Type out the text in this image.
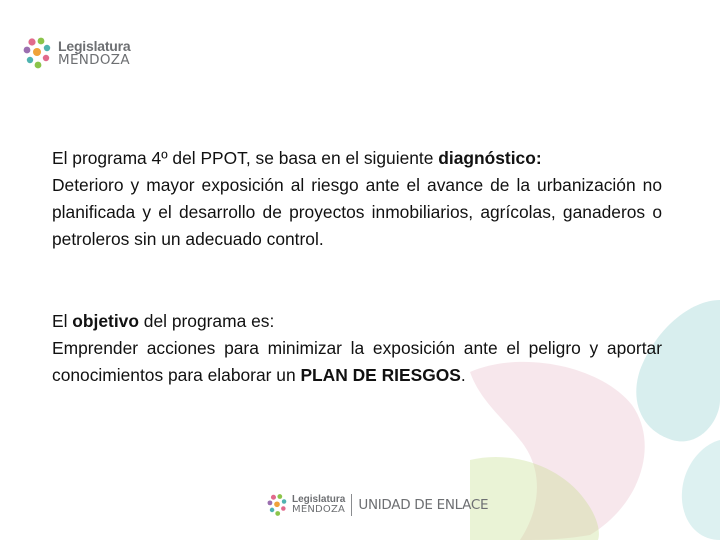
Legislatura
MENDOZA

El programa 4º del PPOT, se basa en el siguiente diagnóstico:

Deterioro y mayor exposición al riesgo ante el avance de la urbanización no planificada y el desarrollo de proyectos inmobiliarios, agrícolas, ganaderos o petroleros sin un adecuado control.

El objetivo del programa es:

Emprender acciones para minimizar la exposición ante el peligro y aportar conocimientos para elaborar un PLAN DE RIESGOS.

Legislatura
MENDOZA UNIDAD DE ENLACE
